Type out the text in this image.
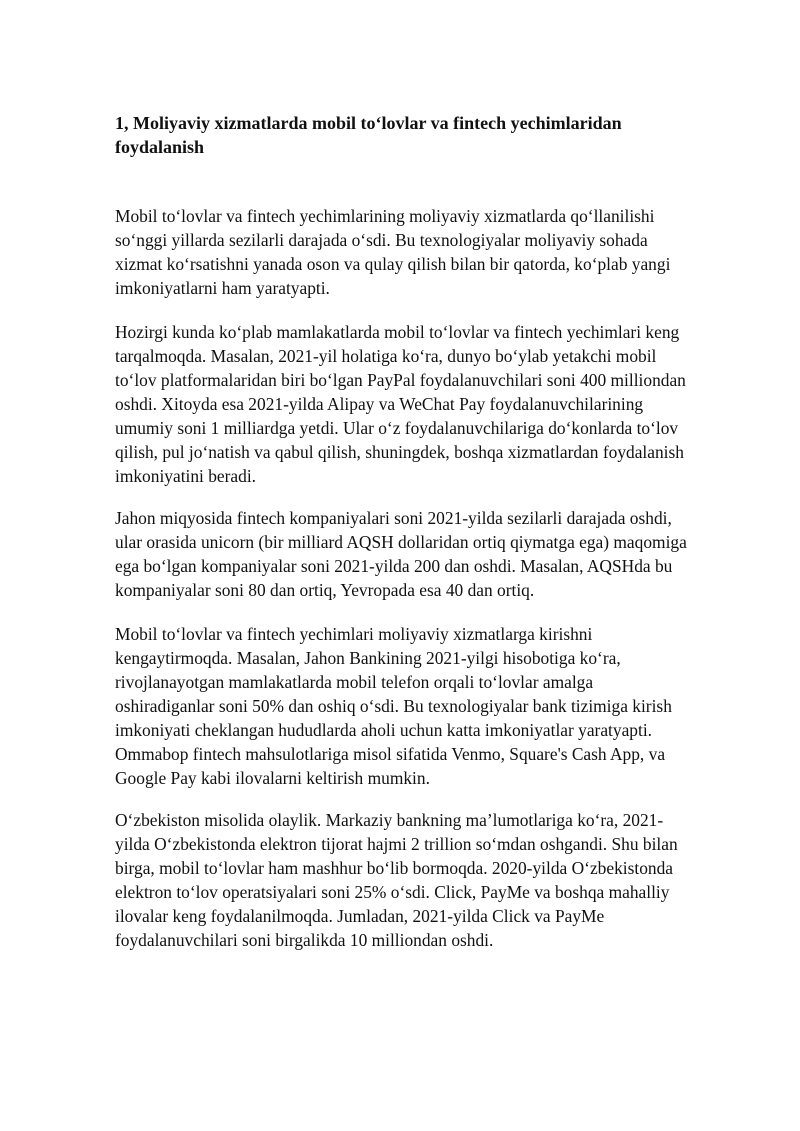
1, Moliyaviy xizmatlarda mobil to‘lovlar va fintech yechimlaridan
foydalanish

Mobil to‘lovlar va fintech yechimlarining moliyaviy xizmatlarda qo‘llanilishi
so‘nggi yillarda sezilarli darajada o‘sdi. Bu texnologiyalar moliyaviy sohada
xizmat ko‘rsatishni yanada oson va qulay qilish bilan bir qatorda, ko‘plab yangi
imkoniyatlarni ham yaratyapti.

Hozirgi kunda ko‘plab mamlakatlarda mobil to‘lovlar va fintech yechimlari keng
tarqalmoqda. Masalan, 2021-yil holatiga ko‘ra, dunyo bo‘ylab yetakchi mobil
to‘lov platformalaridan biri bo‘lgan PayPal foydalanuvchilari soni 400 milliondan
oshdi. Xitoyda esa 2021-yilda Alipay va WeChat Pay foydalanuvchilarining
umumiy soni 1 milliardga yetdi. Ular o‘z foydalanuvchilariga do‘konlarda to‘lov
qilish, pul jo‘natish va qabul qilish, shuningdek, boshqa xizmatlardan foydalanish
imkoniyatini beradi.

Jahon miqyosida fintech kompaniyalari soni 2021-yilda sezilarli darajada oshdi,
ular orasida unicorn (bir milliard AQSH dollaridan ortiq qiymatga ega) maqomiga
ega bo‘lgan kompaniyalar soni 2021-yilda 200 dan oshdi. Masalan, AQSHda bu
kompaniyalar soni 80 dan ortiq, Yevropada esa 40 dan ortiq.

Mobil to‘lovlar va fintech yechimlari moliyaviy xizmatlarga kirishni
kengaytirmoqda. Masalan, Jahon Bankining 2021-yilgi hisobotiga ko‘ra,
rivojlanayotgan mamlakatlarda mobil telefon orqali to‘lovlar amalga
oshiradiganlar soni 50% dan oshiq o‘sdi. Bu texnologiyalar bank tizimiga kirish
imkoniyati cheklangan hududlarda aholi uchun katta imkoniyatlar yaratyapti.
Ommabop fintech mahsulotlariga misol sifatida Venmo, Square's Cash App, va
Google Pay kabi ilovalarni keltirish mumkin.

O‘zbekiston misolida olaylik. Markaziy bankning ma’lumotlariga ko‘ra, 2021-
yilda O‘zbekistonda elektron tijorat hajmi 2 trillion so‘mdan oshgandi. Shu bilan
birga, mobil to‘lovlar ham mashhur bo‘lib bormoqda. 2020-yilda O‘zbekistonda
elektron to‘lov operatsiyalari soni 25% o‘sdi. Click, PayMe va boshqa mahalliy
ilovalar keng foydalanilmoqda. Jumladan, 2021-yilda Click va PayMe
foydalanuvchilari soni birgalikda 10 milliondan oshdi.
